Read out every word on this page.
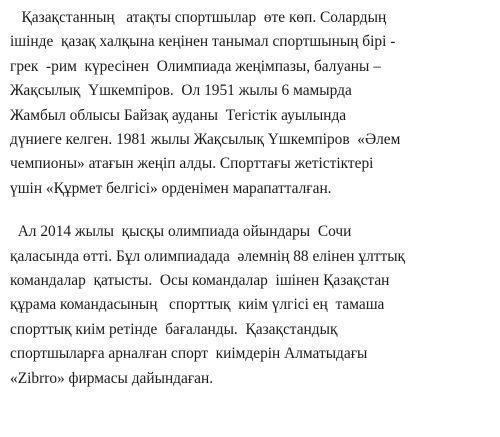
Қазақстанның   атақты спортшылар  өте көп. Солардың
ішінде  қазақ халқына кеңінен танымал спортшының бірі -
грек  -рим  күресінен  Олимпиада жеңімпазы, балуаны –
Жақсылық  Үшкемпіров.  Ол 1951 жылы 6 мамырда
Жамбыл облысы Байзақ ауданы  Тегістік ауылында
дүниеге келген. 1981 жылы Жақсылық Үшкемпіров  «Әлем
чемпионы» атағын жеңіп алды. Спорттағы жетістіктері
үшін «Құрмет белгісі» орденімен марапатталған.

Ал 2014 жылы  қысқы олимпиада ойындары  Сочи
қаласында өтті. Бұл олимпиадада  әлемнің 88 елінен ұлттық
командалар  қатысты.  Осы командалар  ішінен Қазақстан
құрама командасының   спорттық  киім үлгісі ең  тамаша
спорттық киім ретінде  бағаланды.  Қазақстандық
спортшыларға арналған спорт  киімдерін Алматыдағы
«Zibrro» фирмасы дайындаған.
